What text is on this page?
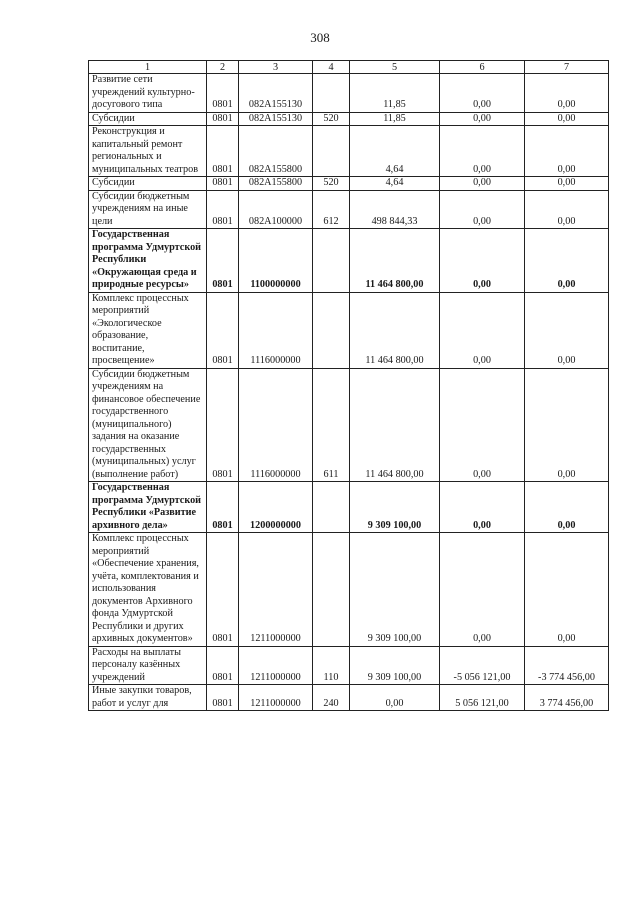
308
1	2	3	4	5	6	7
Развитие сети учреждений культурно-досугового типа	0801	082A155130		11,85	0,00	0,00
Субсидии	0801	082A155130	520	11,85	0,00	0,00
Реконструкция и капитальный ремонт региональных и муниципальных театров	0801	082A155800		4,64	0,00	0,00
Субсидии	0801	082A155800	520	4,64	0,00	0,00
Субсидии бюджетным учреждениям на иные цели	0801	082A100000	612	498 844,33	0,00	0,00
Государственная программа Удмуртской Республики «Окружающая среда и природные ресурсы»	0801	1100000000		11 464 800,00	0,00	0,00
Комплекс процессных мероприятий «Экологическое образование, воспитание, просвещение»	0801	1116000000		11 464 800,00	0,00	0,00
Субсидии бюджетным учреждениям на финансовое обеспечение государственного (муниципального) задания на оказание государственных (муниципальных) услуг (выполнение работ)	0801	1116000000	611	11 464 800,00	0,00	0,00
Государственная программа Удмуртской Республики «Развитие архивного дела»	0801	1200000000		9 309 100,00	0,00	0,00
Комплекс процессных мероприятий «Обеспечение хранения, учёта, комплектования и использования документов Архивного фонда Удмуртской Республики и других архивных документов»	0801	1211000000		9 309 100,00	0,00	0,00
Расходы на выплаты персоналу казённых учреждений	0801	1211000000	110	9 309 100,00	-5 056 121,00	-3 774 456,00
Иные закупки товаров, работ и услуг для	0801	1211000000	240	0,00	5 056 121,00	3 774 456,00
